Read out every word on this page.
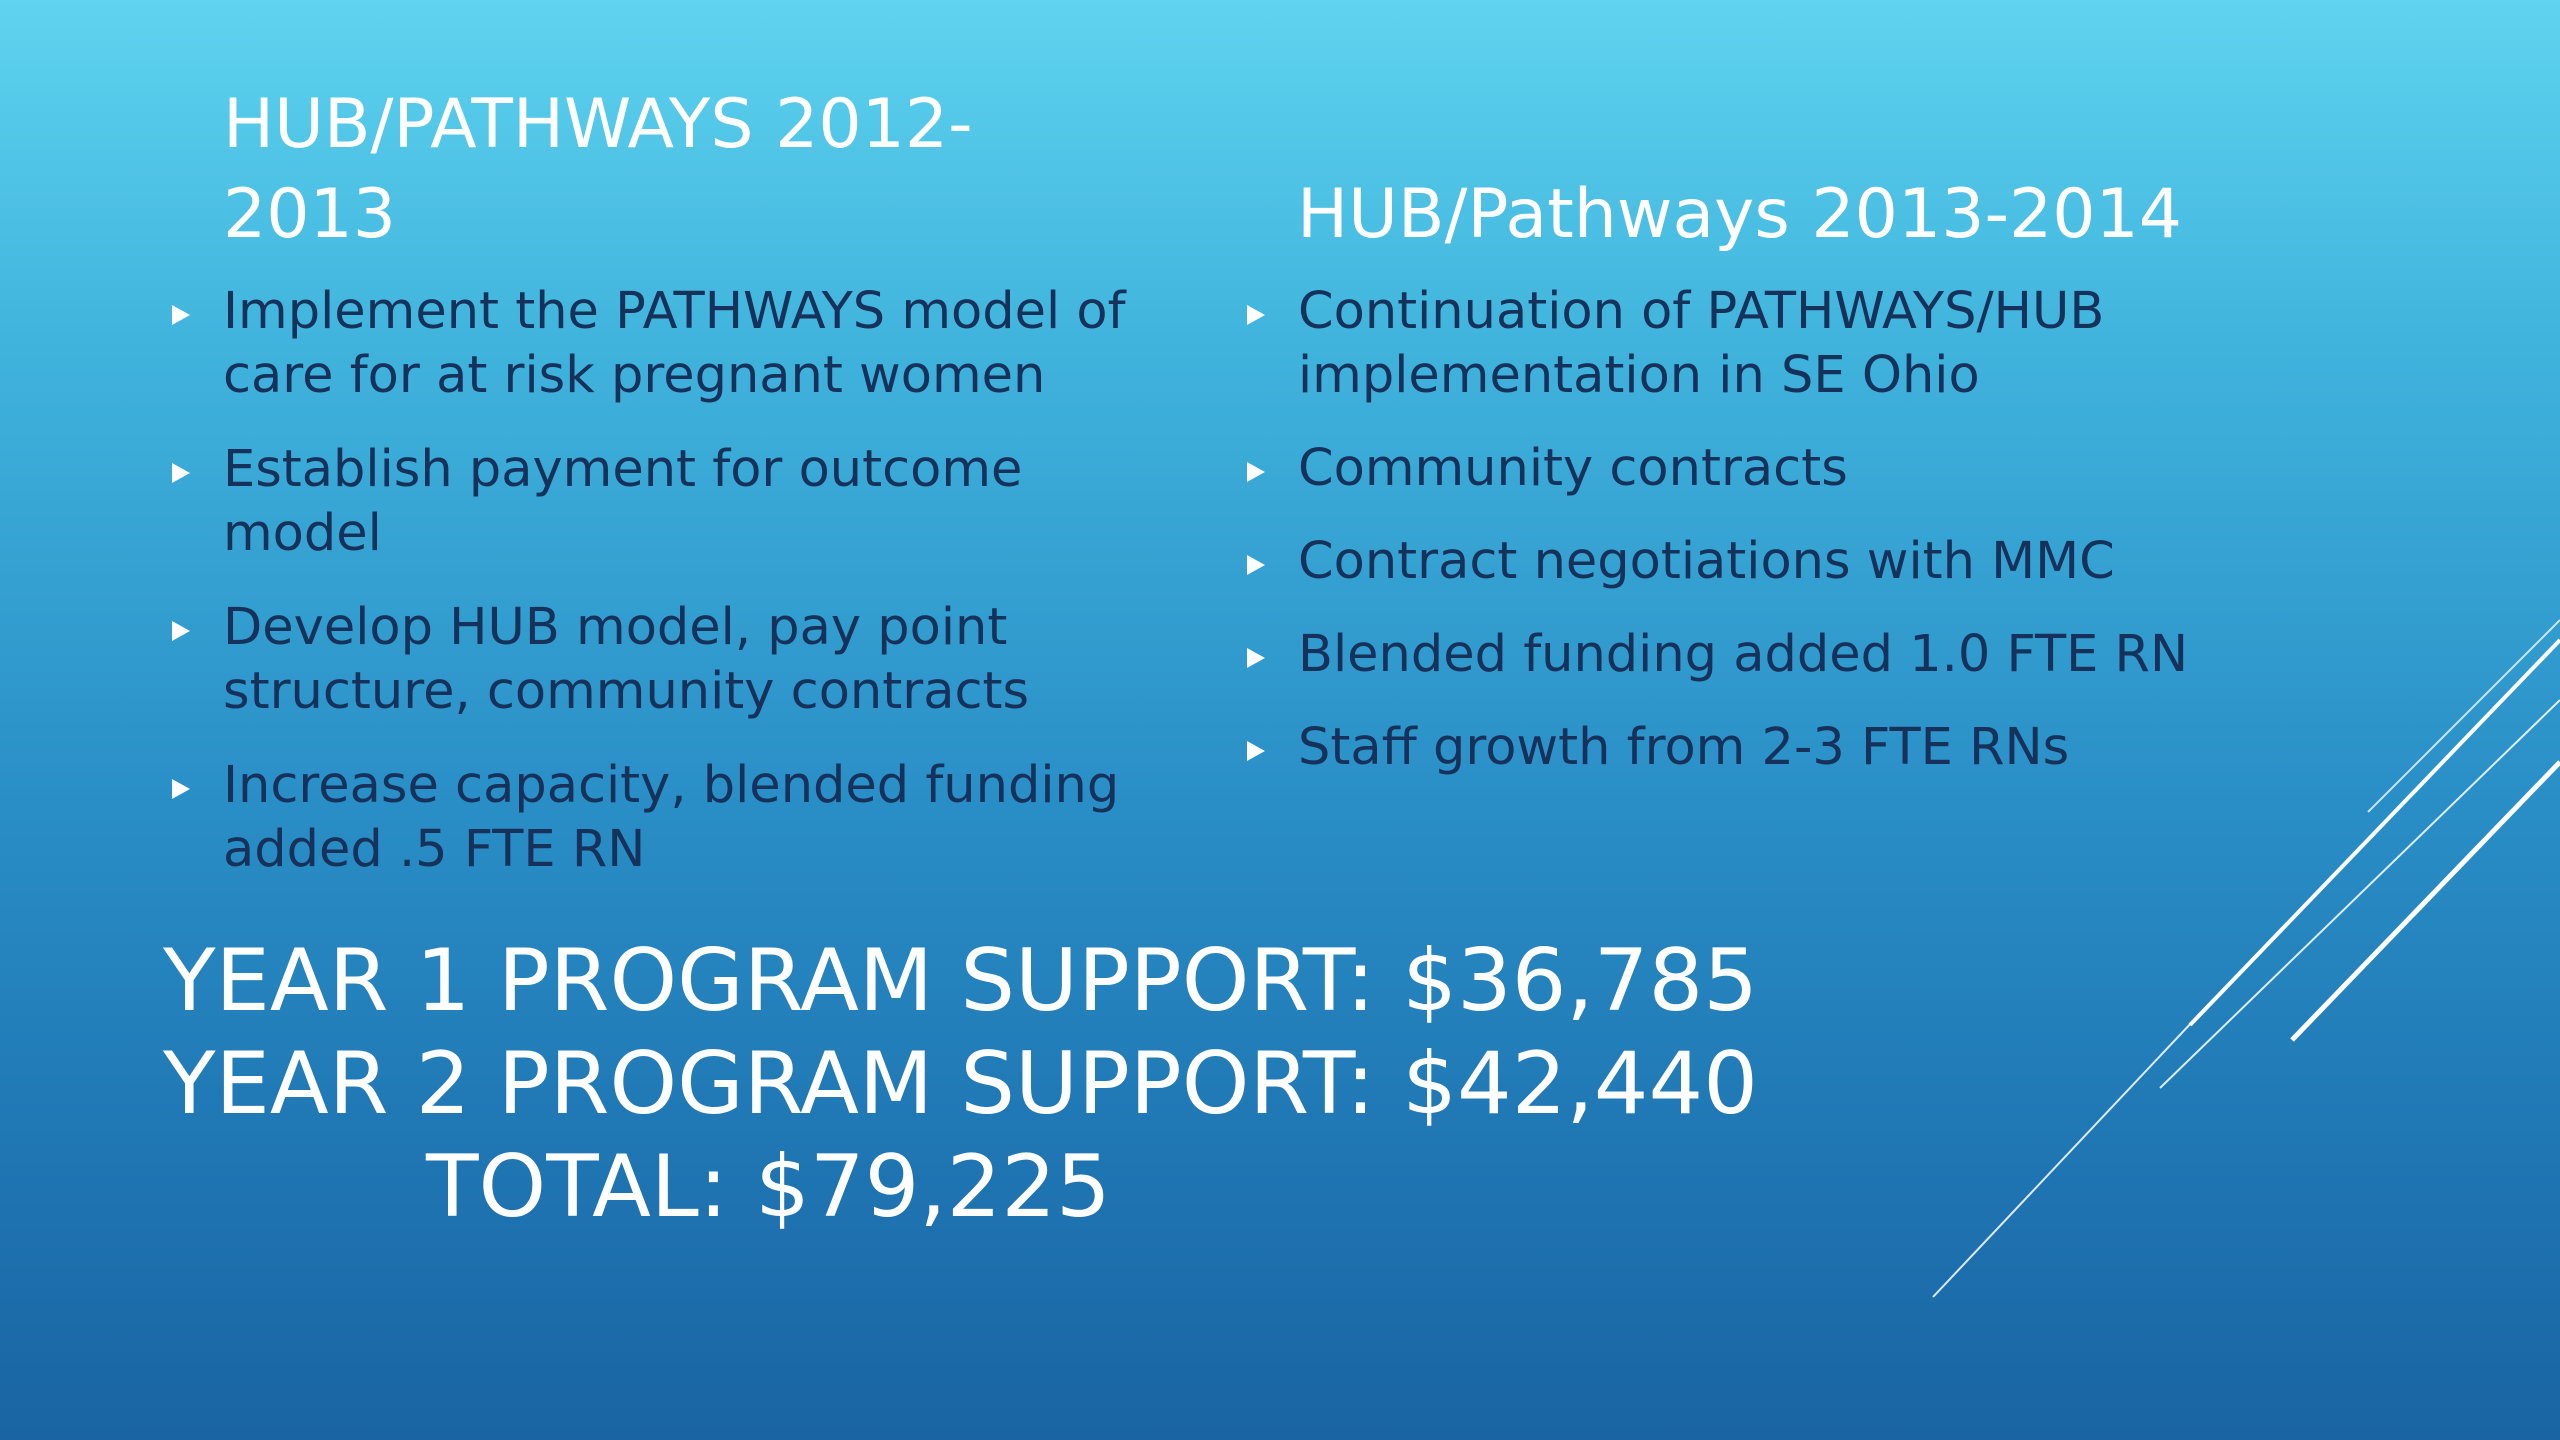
HUB/PATHWAYS 2012-
2013
Implement the PATHWAYS model of care for at risk pregnant women
Establish payment for outcome model
Develop HUB model, pay point structure, community contracts
Increase capacity, blended funding added .5 FTE RN
HUB/Pathways 2013-2014
Continuation of PATHWAYS/HUB implementation in SE Ohio
Community contracts
Contract negotiations with MMC
Blended funding added 1.0 FTE RN
Staff growth from 2-3 FTE RNs
YEAR 1 PROGRAM SUPPORT: $36,785
YEAR 2 PROGRAM SUPPORT: $42,440
TOTAL: $79,225
